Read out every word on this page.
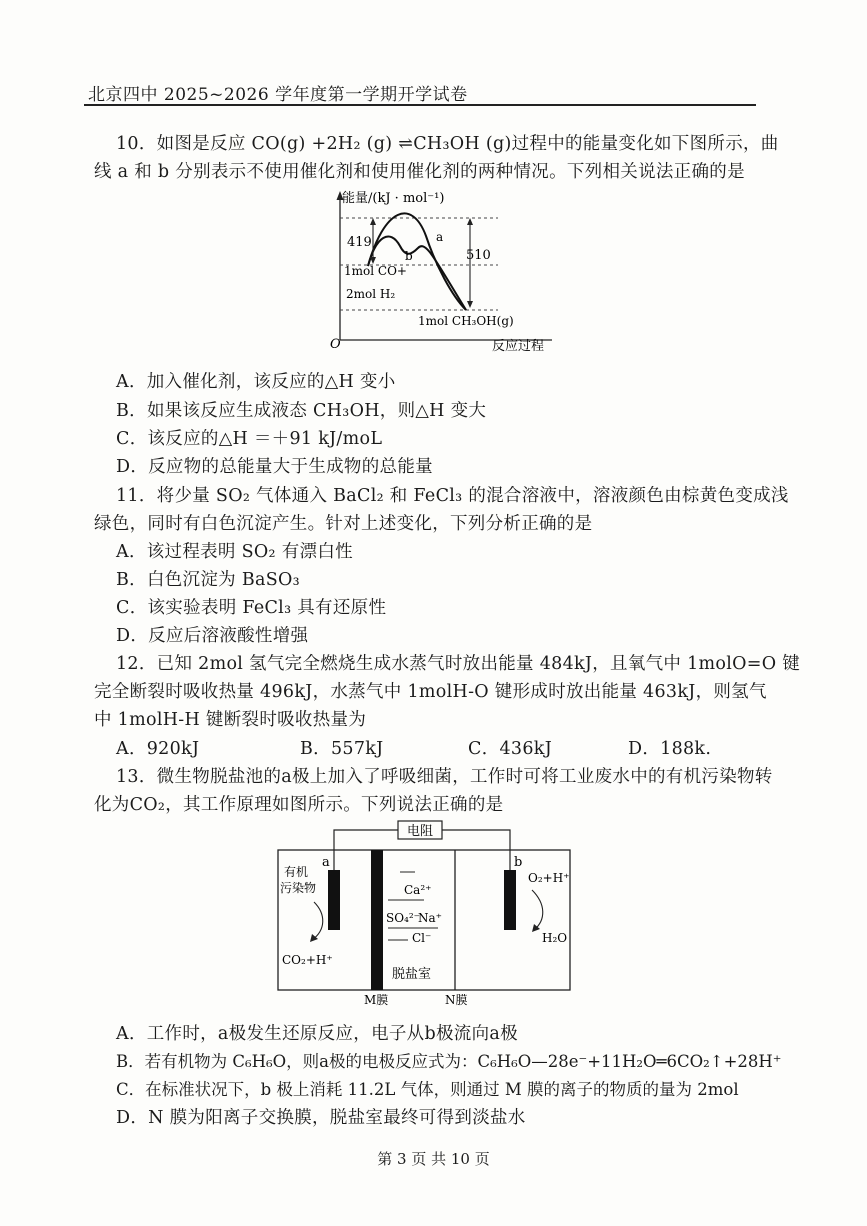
北京四中 2025~2026 学年度第一学期开学试卷
10．如图是反应 CO(g) +2H₂ (g) ⇌CH₃OH (g)过程中的能量变化如下图所示，曲
线 a 和 b 分别表示不使用催化剂和使用催化剂的两种情况。下列相关说法正确的是
能量/(kJ · mol⁻¹)
419
510
a
b
1mol CO+
2mol H₂
1mol CH₃OH(g)
O	反应过程
A．加入催化剂，该反应的△H 变小
B．如果该反应生成液态 CH₃OH，则△H 变大
C．该反应的△H ＝＋91 kJ/moL
D．反应物的总能量大于生成物的总能量
11．将少量 SO₂ 气体通入 BaCl₂ 和 FeCl₃ 的混合溶液中，溶液颜色由棕黄色变成浅
绿色，同时有白色沉淀产生。针对上述变化，下列分析正确的是
A．该过程表明 SO₂ 有漂白性
B．白色沉淀为 BaSO₃
C．该实验表明 FeCl₃ 具有还原性
D．反应后溶液酸性增强
12．已知 2mol 氢气完全燃烧生成水蒸气时放出能量 484kJ，且氧气中 1molO=O 键
完全断裂时吸收热量 496kJ，水蒸气中 1molH-O 键形成时放出能量 463kJ，则氢气
中 1molH-H 键断裂时吸收热量为
A．920kJ	B．557kJ	C．436kJ	D．188k.
13．微生物脱盐池的a极上加入了呼吸细菌，工作时可将工业废水中的有机污染物转
化为CO₂，其工作原理如图所示。下列说法正确的是
电阻
a	b
有机
污染物
CO₂+H⁺
O₂+H⁺
H₂O
Ca²⁺
SO₄²⁻
Na⁺
Cl⁻
脱盐室
M膜	N膜
A．工作时，a极发生还原反应，电子从b极流向a极
B．若有机物为 C₆H₆O，则a极的电极反应式为：C₆H₆O—28e⁻+11H₂O═6CO₂↑+28H⁺
C．在标准状况下，b 极上消耗 11.2L 气体，则通过 M 膜的离子的物质的量为 2mol
D．N 膜为阳离子交换膜，脱盐室最终可得到淡盐水
第 3 页 共 10 页
